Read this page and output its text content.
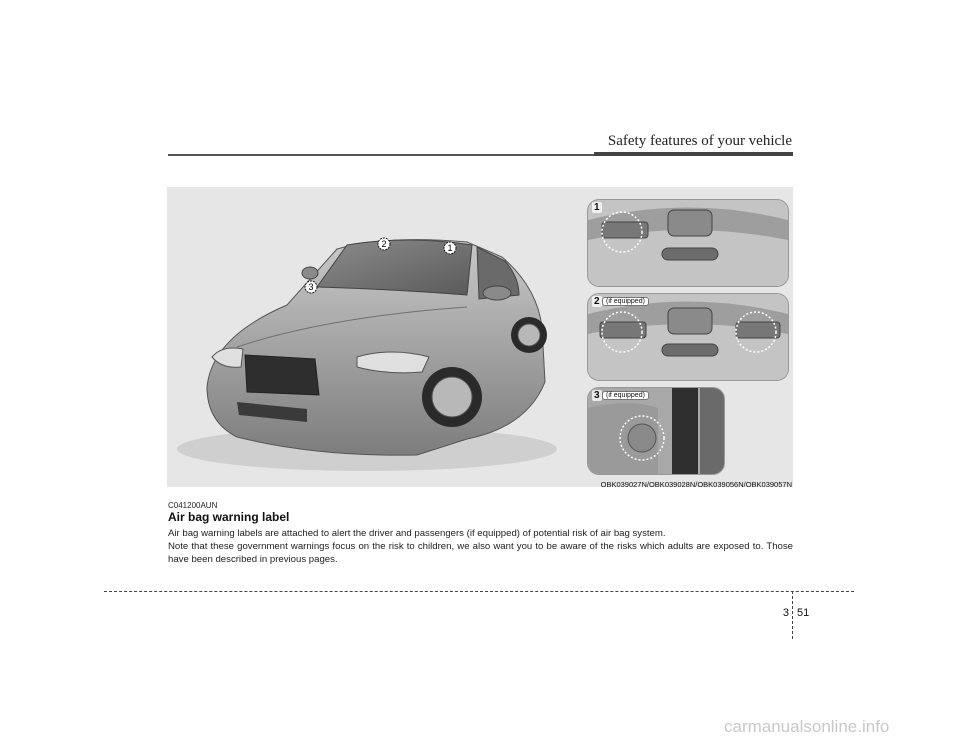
Safety features of your vehicle
2	1
3
1
2 (if equipped)
3 (if equipped)
OBK039027N/OBK039028N/OBK039056N/OBK039057N
C041200AUN
Air bag warning label

Air bag warning labels are attached to alert the driver and passengers (if equipped) of potential risk of air bag system.

Note that these government warnings focus on the risk to children, we also want you to be aware of the risks which adults are exposed to. Those have been described in previous pages.

3 51
carmanualsonline.info
